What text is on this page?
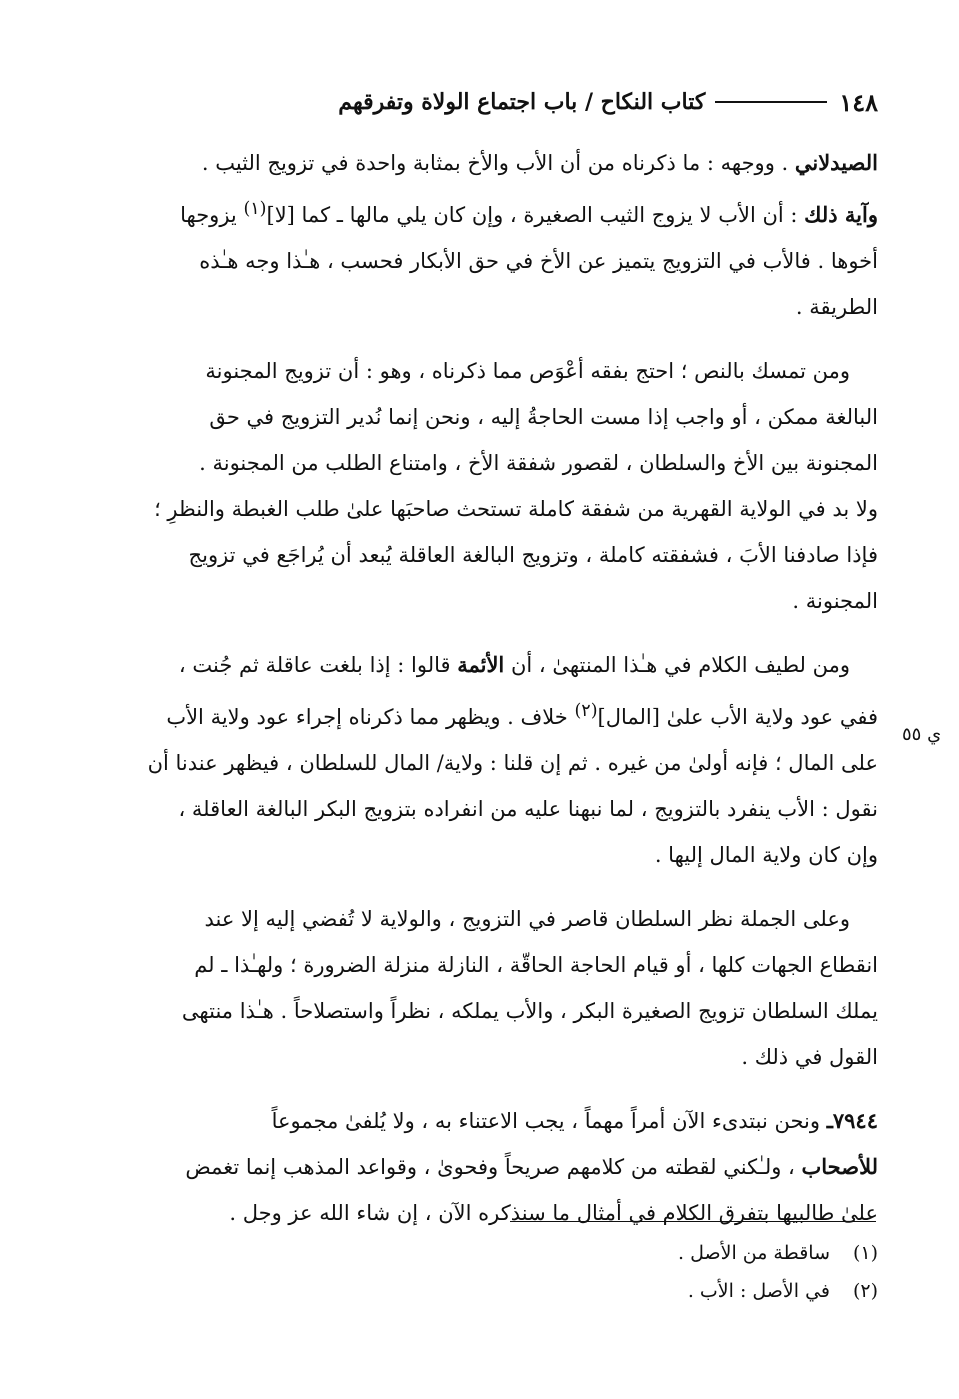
١٤٨
كتاب النكاح / باب اجتماع الولاة وتفرقهم
ي ٥٥

الصيدلاني . ووجهه : ما ذكرناه من أن الأب والأخ بمثابة واحدة في تزويج الثيب .

وآية ذلك : أن الأب لا يزوج الثيب الصغيرة ، وإن كان يلي مالها ـ كما [لا]$^{(١)}$ يزوجها

أخوها . فالأب في التزويج يتميز عن الأخ في حق الأبكار فحسب ، هـٰذا وجه هـٰذه

الطريقة .

ومن تمسك بالنص ؛ احتج بفقه أعْوَص مما ذكرناه ، وهو : أن تزويج المجنونة

البالغة ممكن ، أو واجب إذا مست الحاجةُ إليه ، ونحن إنما نُدير التزويج في حق

المجنونة بين الأخ والسلطان ، لقصور شفقة الأخ ، وامتناع الطلب من المجنونة .

ولا بد في الولاية القهرية من شفقة كاملة تستحث صاحبَها علىٰ طلب الغبطة والنظرِ ؛

فإذا صادفنا الأبَ ، فشفقته كاملة ، وتزويج البالغة العاقلة يُبعد أن يُراجَع في تزويج

المجنونة .

ومن لطيف الكلام في هـٰذا المنتهىٰ ، أن الأئمة قالوا : إذا بلغت عاقلة ثم جُنت ،

ففي عود ولاية الأب علىٰ [المال]$^{(٢)}$ خلاف . ويظهر مما ذكرناه إجراء عود ولاية الأب

على المال ؛ فإنه أولىٰ من غيره . ثم إن قلنا : ولاية/ المال للسلطان ، فيظهر عندنا أن

نقول : الأب ينفرد بالتزويج ، لما نبهنا عليه من انفراده بتزويج البكر البالغة العاقلة ،

وإن كان ولاية المال إليها .

وعلى الجملة نظر السلطان قاصر في التزويج ، والولاية لا تُفضي إليه إلا عند

انقطاع الجهات كلها ، أو قيام الحاجة الحاقّة ، النازلة منزلة الضرورة ؛ ولهـٰذا ـ لم

يملك السلطان تزويج الصغيرة البكر ، والأب يملكه ، نظراً واستصلاحاً . هـٰذا منتهى

القول في ذلك .

٧٩٤٤ـ ونحن نبتدىء الآن أمراً مهماً ، يجب الاعتناء به ، ولا يُلفىٰ مجموعاً

للأصحاب ، ولـٰكني لقطته من كلامهم صريحاً وفحوىٰ ، وقواعد المذهب إنما تغمض

علىٰ طالبيها بتفرق الكلام في أمثال ما سنذكره الآن ، إن شاء الله عز وجل .

(١)ساقطة من الأصل .

(٢)في الأصل : الأب .
